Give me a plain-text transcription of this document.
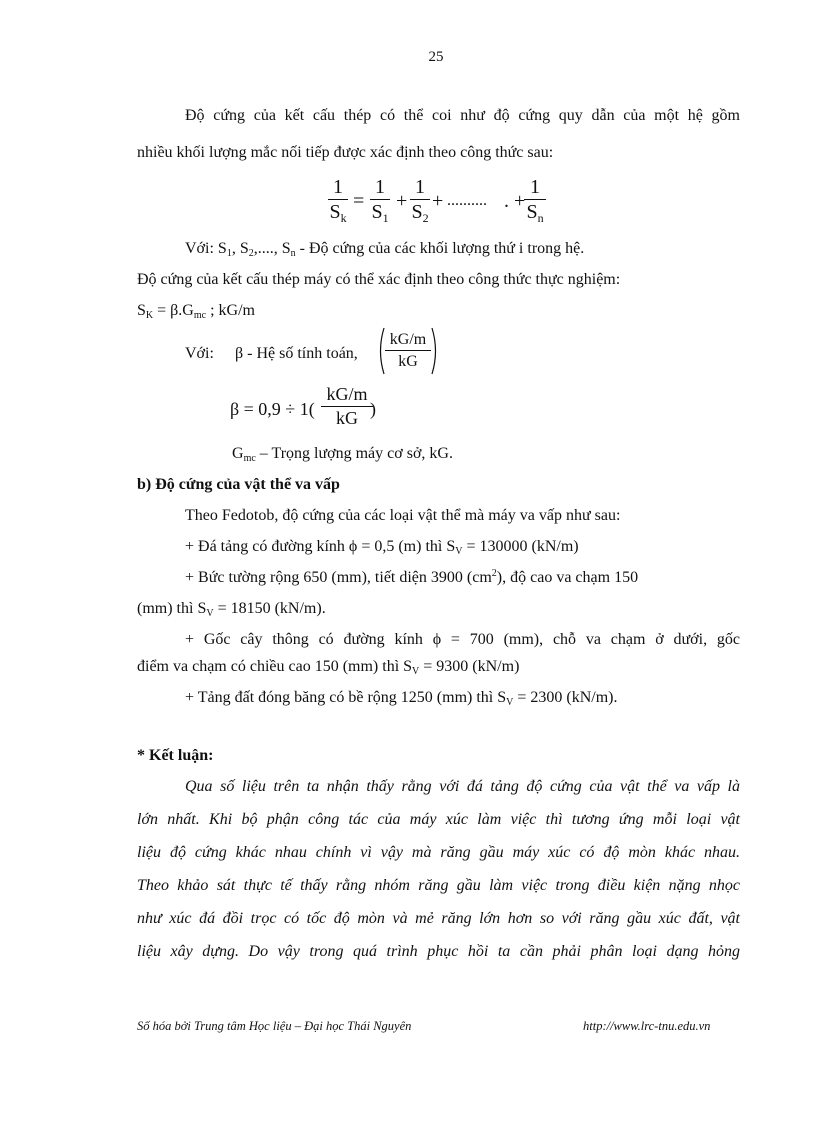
25
Độ cứng của kết cấu thép có thể coi như độ cứng quy dẫn của một hệ gồm
nhiều khối lượng mắc nối tiếp được xác định theo công thức sau:
1
$S_k$
=
1
$S_1$
+
1
$S_2$
+ .......... . +
1
$S_n$
Với: $S_1$, $S_2$,...., $S_n$ - Độ cứng của các khối lượng thứ i trong hệ.
Độ cứng của kết cấu thép máy có thể xác định theo công thức thực nghiệm:
$S_K = \beta.G_{mc}$ ; kG/m
Với: β - Hệ số tính toán,
kG/m
kG
β = 0,9 ÷ 1(
kG/m
kG )
$G_{mc}$ – Trọng lượng máy cơ sở, kG.
b) Độ cứng của vật thể va vấp
Theo Fedotob, độ cứng của các loại vật thể mà máy va vấp như sau:
+ Đá tảng có đường kính ϕ = 0,5 (m) thì $S_V = 130000$ (kN/m)
+ Bức tường rộng 650 (mm), tiết diện 3900 $(cm^2)$, độ cao va chạm 150
(mm) thì $S_V = 18150$ (kN/m).
+ Gốc cây thông có đường kính ϕ = 700 (mm), chỗ va chạm ở dưới, gốc
điểm va chạm có chiều cao 150 (mm) thì $S_V = 9300$ (kN/m)
+ Tảng đất đóng băng có bề rộng 1250 (mm) thì $S_V = 2300$ (kN/m).
* Kết luận:
Qua số liệu trên ta nhận thấy rằng với đá tảng độ cứng của vật thể va vấp là
lớn nhất. Khi bộ phận công tác của máy xúc làm việc thì tương ứng mỗi loại vật
liệu độ cứng khác nhau chính vì vậy mà răng gầu máy xúc có độ mòn khác nhau.
Theo khảo sát thực tế thấy rằng nhóm răng gầu làm việc trong điều kiện nặng nhọc
như xúc đá đồi trọc có tốc độ mòn và mẻ răng lớn hơn so với răng gầu xúc đất, vật
liệu xây dựng. Do vậy trong quá trình phục hồi ta cần phải phân loại dạng hỏng
Số hóa bởi Trung tâm Học liệu – Đại học Thái Nguyên	http://www.lrc-tnu.edu.vn
